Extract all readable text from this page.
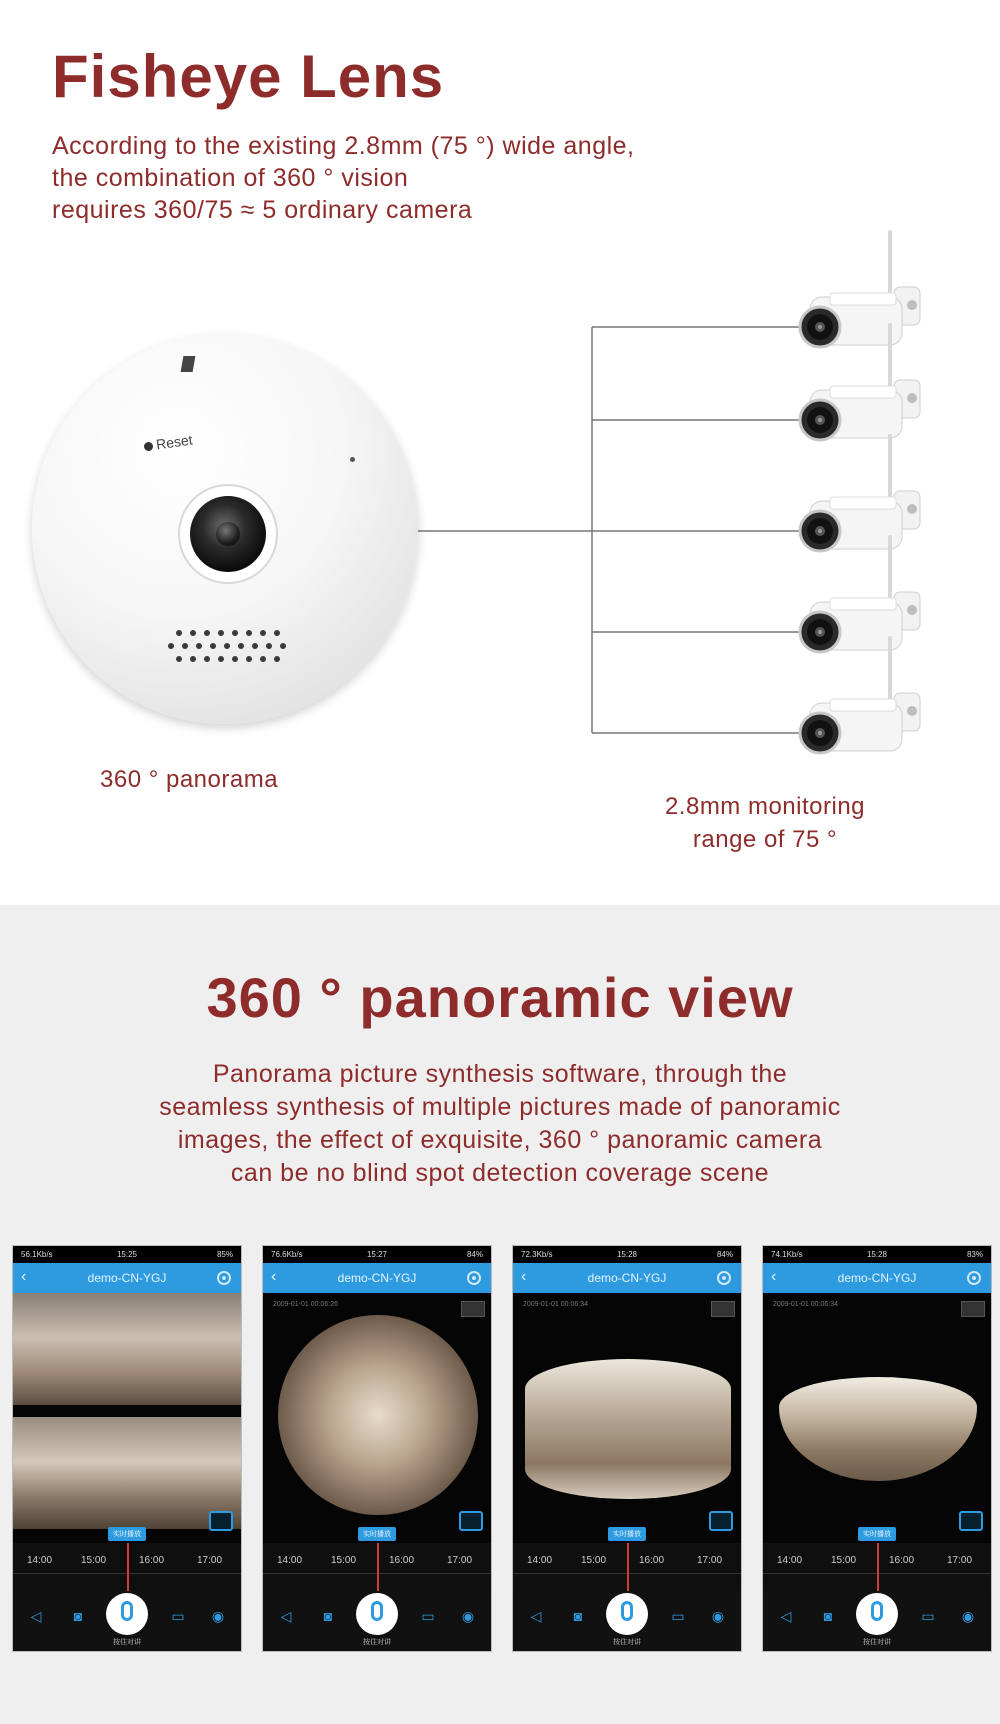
Fisheye Lens
According to the existing 2.8mm (75 °) wide angle,
the combination of 360 ° vision
requires 360/75 ≈ 5 ordinary camera
Reset
360 ° panorama
2.8mm monitoring
range of 75 °
360 ° panoramic view
Panorama picture synthesis software, through the
seamless synthesis of multiple pictures made of panoramic
images, the effect of exquisite, 360 ° panoramic camera
can be no blind spot detection coverage scene
56.1Kb/s	15:25	85%
‹	demo-CN-YGJ
实时播放
14:00	15:00	16:00	17:00
◁	◙
按住对讲
▭ ◉
76.6Kb/s	15:27	84%
‹	demo-CN-YGJ
2009-01-01 00:06:26
实时播放
14:00	15:00	16:00	17:00
◁	◙
按住对讲
▭ ◉
72.3Kb/s	15:28	84%
‹	demo-CN-YGJ
2009-01-01 00:06:34
实时播放
14:00	15:00	16:00	17:00
◁	◙
按住对讲
▭ ◉
74.1Kb/s	15:28	83%
‹	demo-CN-YGJ
2009-01-01 00:06:34
实时播放
14:00	15:00	16:00	17:00
◁	◙
按住对讲
▭ ◉
